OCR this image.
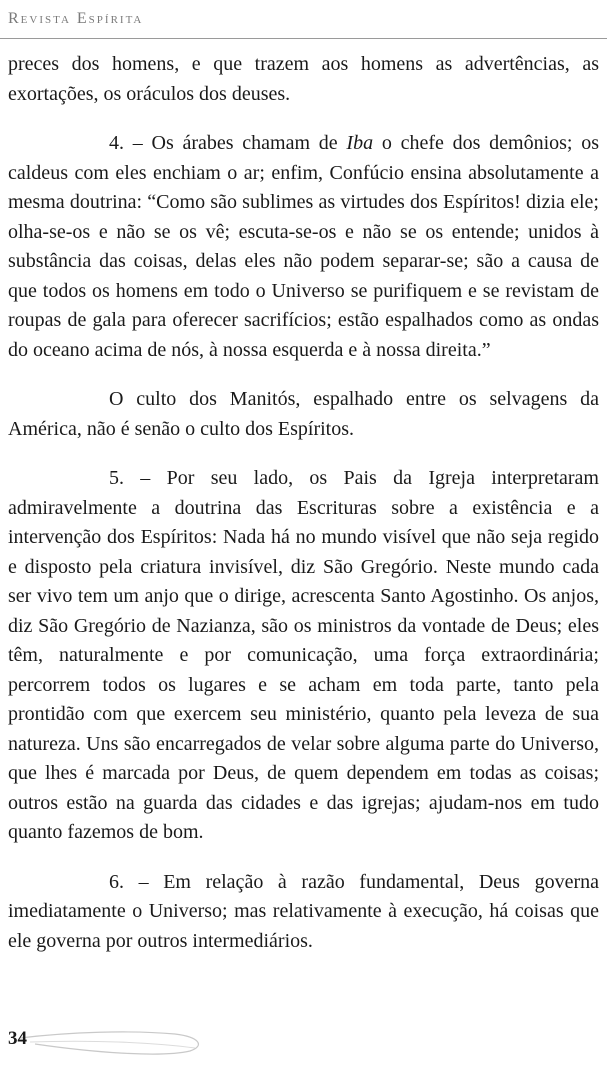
Revista Espírita

preces dos homens, e que trazem aos homens as advertências, as exortações, os oráculos dos deuses.

4. – Os árabes chamam de Iba o chefe dos demônios; os caldeus com eles enchiam o ar; enfim, Confúcio ensina absolutamente a mesma doutrina: “Como são sublimes as virtudes dos Espíritos! dizia ele; olha-se-os e não se os vê; escuta-se-os e não se os entende; unidos à substância das coisas, delas eles não podem separar-se; são a causa de que todos os homens em todo o Universo se purifiquem e se revistam de roupas de gala para oferecer sacrifícios; estão espalhados como as ondas do oceano acima de nós, à nossa esquerda e à nossa direita.”

O culto dos Manitós, espalhado entre os selvagens da América, não é senão o culto dos Espíritos.

5. – Por seu lado, os Pais da Igreja interpretaram admiravelmente a doutrina das Escrituras sobre a existência e a intervenção dos Espíritos: Nada há no mundo visível que não seja regido e disposto pela criatura invisível, diz São Gregório. Neste mundo cada ser vivo tem um anjo que o dirige, acrescenta Santo Agostinho. Os anjos, diz São Gregório de Nazianza, são os ministros da vontade de Deus; eles têm, naturalmente e por comunicação, uma força extraordinária; percorrem todos os lugares e se acham em toda parte, tanto pela prontidão com que exercem seu ministério, quanto pela leveza de sua natureza. Uns são encarregados de velar sobre alguma parte do Universo, que lhes é marcada por Deus, de quem dependem em todas as coisas; outros estão na guarda das cidades e das igrejas; ajudam-nos em tudo quanto fazemos de bom.

6. – Em relação à razão fundamental, Deus governa imediatamente o Universo; mas relativamente à execução, há coisas que ele governa por outros intermediários.

34
